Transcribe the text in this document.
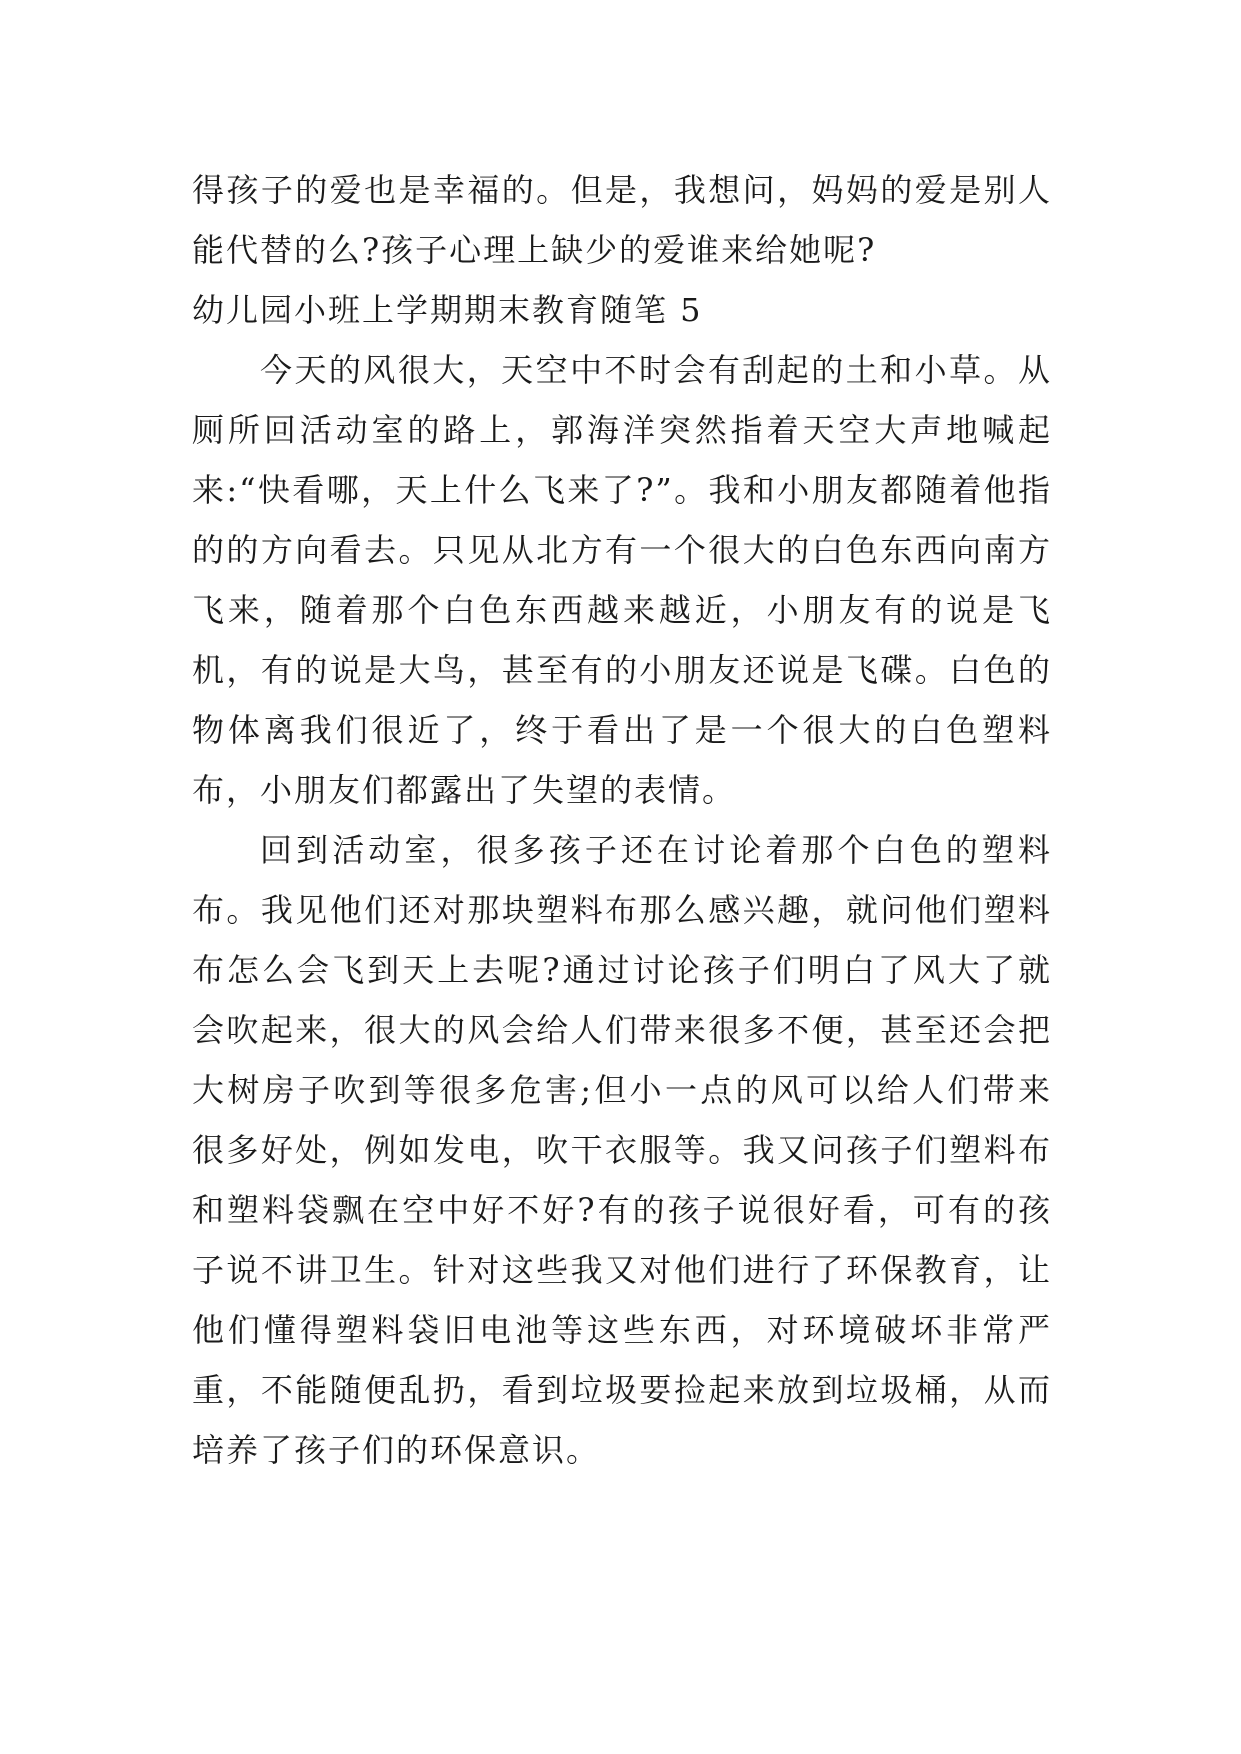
得孩子的爱也是幸福的。但是，我想问，妈妈的爱是别人能代替的么?孩子心理上缺少的爱谁来给她呢?

幼儿园小班上学期期末教育随笔 5

今天的风很大，天空中不时会有刮起的土和小草。从厕所回活动室的路上，郭海洋突然指着天空大声地喊起来:“快看哪，天上什么飞来了?”。我和小朋友都随着他指的的方向看去。只见从北方有一个很大的白色东西向南方飞来，随着那个白色东西越来越近，小朋友有的说是飞机，有的说是大鸟，甚至有的小朋友还说是飞碟。白色的物体离我们很近了，终于看出了是一个很大的白色塑料布，小朋友们都露出了失望的表情。

回到活动室，很多孩子还在讨论着那个白色的塑料布。我见他们还对那块塑料布那么感兴趣，就问他们塑料布怎么会飞到天上去呢?通过讨论孩子们明白了风大了就会吹起来，很大的风会给人们带来很多不便，甚至还会把大树房子吹到等很多危害;但小一点的风可以给人们带来很多好处，例如发电，吹干衣服等。我又问孩子们塑料布和塑料袋飘在空中好不好?有的孩子说很好看，可有的孩子说不讲卫生。针对这些我又对他们进行了环保教育，让他们懂得塑料袋旧电池等这些东西，对环境破坏非常严重，不能随便乱扔，看到垃圾要捡起来放到垃圾桶，从而培养了孩子们的环保意识。
